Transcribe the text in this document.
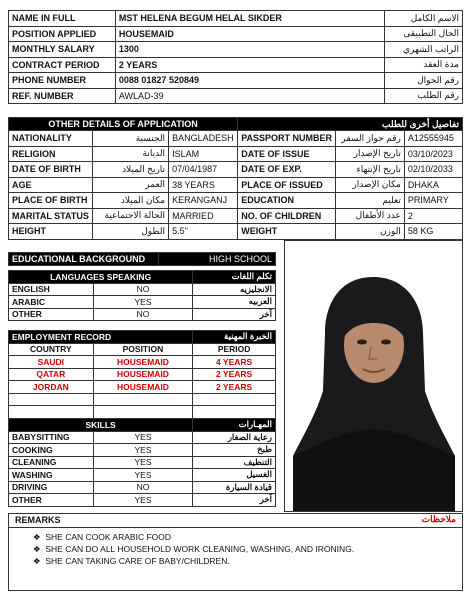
NAME IN FULL	MST HELENA BEGUM HELAL SIKDER	الاسم الكامل
POSITION APPLIED	HOUSEMAID	الحال التطبيقى
MONTHLY SALARY	1300	الراتب الشهري
CONTRACT PERIOD	2 YEARS	مدة العقد
PHONE NUMBER	0088 01827 520849	رقم الجوال
REF. NUMBER	AWLAD-39	رقم الطلب
OTHER DETAILS OF APPLICATION			تفاصيل أخرى للطلب		
NATIONALITY	الجنسية	BANGLADESH	PASSPORT NUMBER	رقم جواز السفر	A12555945
RELIGION	الديانة	ISLAM	DATE OF ISSUE	تاريخ الإصدار	03/10/2023
DATE OF BIRTH	تاريخ الميلاد	07/04/1987	DATE OF EXP.	تاريخ الإنتهاء	02/10/2033
AGE	العمر	38 YEARS	PLACE OF ISSUED	مكان الإصدار	DHAKA
PLACE OF BIRTH	مكان الميلاد	KERANGANJ	EDUCATION	تعليم	PRIMARY
MARITAL STATUS	الحالة الاجتماعية	MARRIED	NO. OF CHILDREN	عدد الأطفال	2
HEIGHT	الطول	5.5"	WEIGHT	الوزن	58 KG
EDUCATIONAL BACKGROUND	HIGH SCHOOL
LANGUAGES SPEAKING		تكلم اللغات
ENGLISH	NO	الانجليزيه
ARABIC	YES	العربيه
OTHER	NO	آخر
EMPLOYMENT RECORD		الخبرة المهنية
COUNTRY	POSITION	PERIOD
SAUDI	HOUSEMAID	4 YEARS
QATAR	HOUSEMAID	2 YEARS
JORDAN	HOUSEMAID	2 YEARS

SKILLS		المهـارات
BABYSITTING	YES	رعاية الصغار
COOKING	YES	طبخ
CLEANING	YES	التنظيف
WASHING	YES	الغسيل
DRIVING	NO	قيادة السيارة
OTHER	YES	آخر
REMARKS	ملاحظات
❖ SHE CAN COOK ARABIC FOOD
❖ SHE CAN DO ALL HOUSEHOLD WORK CLEANING, WASHING, AND IRONING.
❖ SHE CAN TAKING CARE OF BABY/CHILDREN.
